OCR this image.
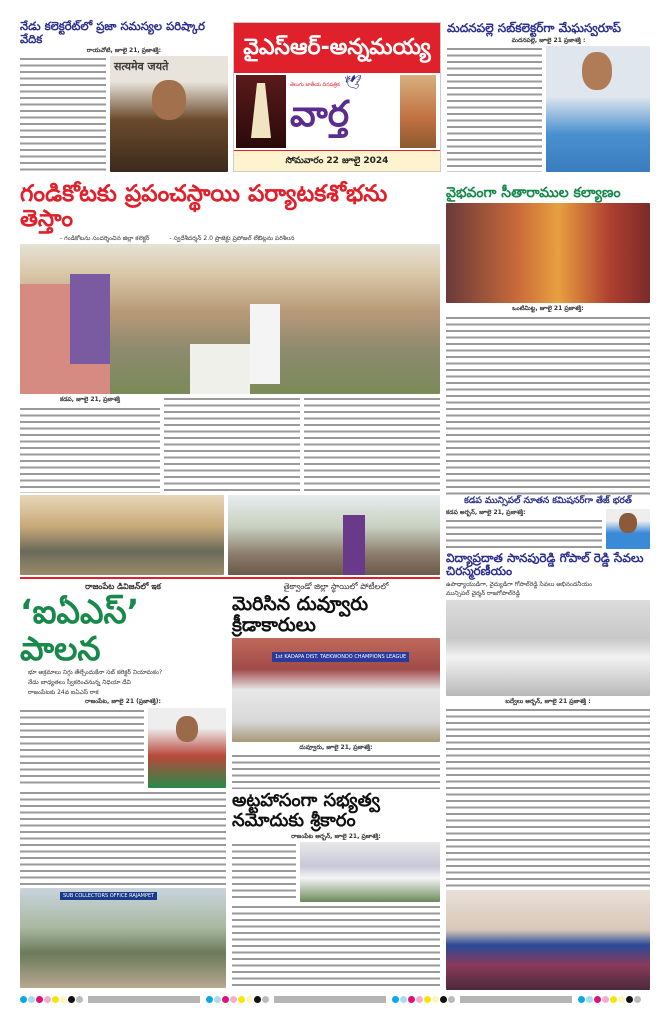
నేడు కలెక్టరేట్‌లో ప్రజా సమస్యల పరిష్కార వేదిక
రాయచోటి, జూలై 21, ప్రజాశక్తి:
सत्यमेव जयते
వైఎస్ఆర్-అన్నమయ్య
🕊
తెలుగు జాతీయ దినపత్రిక
వార్త
సోమవారం 22 జూలై 2024
మదనపల్లె సబ్‌కలెక్టర్‌గా మేఘస్వరూప్
మదనపల్లె, జూలై 21 ప్రజాశక్తి :
గండికోటకు ప్రపంచస్థాయి పర్యాటకశోభను తెస్తాం
- గండికోటను సందర్శించిన జిల్లా కలెక్టర్	- స్వదేశీదర్శన్ 2.0 ప్రాజెక్టు ప్రపోజల్ లేఔట్లను పరిశీలన
కడప, జూలై 21, ప్రజాశక్తి
వైభవంగా సీతారాముల కల్యాణం
ఒంటిమిట్ట, జూలై 21 ప్రజాశక్తి:
కడప మున్సిపల్ నూతన కమిషనర్‌గా తేజ్ భరత్
కడప అర్బన్, జూలై 21, ప్రజాశక్తి:
విద్యాప్రదాత సానపురెడ్డి గోపాల్ రెడ్డి సేవలు చిరస్మరణీయం
ఉపాధ్యాయుడిగా, వైద్యుడిగా గోపాల్‌రెడ్డి సేవలు అభినందనీయం
మున్సిపల్ చైర్మన్ రాజగోపాల్‌రెడ్డి
బద్వేలు అర్బన్, జూలై 21 ప్రజాశక్తి :
రాజంపేట డివిజన్‌లో ఇక
‘ఐఏఎస్’ పాలన
భూ అక్రమాలు నిగ్గు తేల్చేందుకేనా సబ్ కలెక్టర్ నియామకం?
నేడు బాధ్యతలు స్వీకరించనున్న నిధియా దేవి
రాజంపేటకు 24వ ఐఏఎస్ రాక
రాజంపేట, జూలై 21 (ప్రజాశక్తి):
SUB COLLECTORS OFFICE RAJAMPET
తైక్వాండో జిల్లా స్థాయిలో పోటీలలో
మెరిసిన దువ్వూరు క్రీడాకారులు
1st KADAPA DIST. TAEKWONDO CHAMPIONS LEAGUE
దువ్వూరు, జూలై 21, ప్రజాశక్తి:
అట్టహాసంగా సభ్యత్వ నమోదుకు శ్రీకారం
రాజంపేట అర్బన్, జూలై 21, ప్రజాశక్తి:
